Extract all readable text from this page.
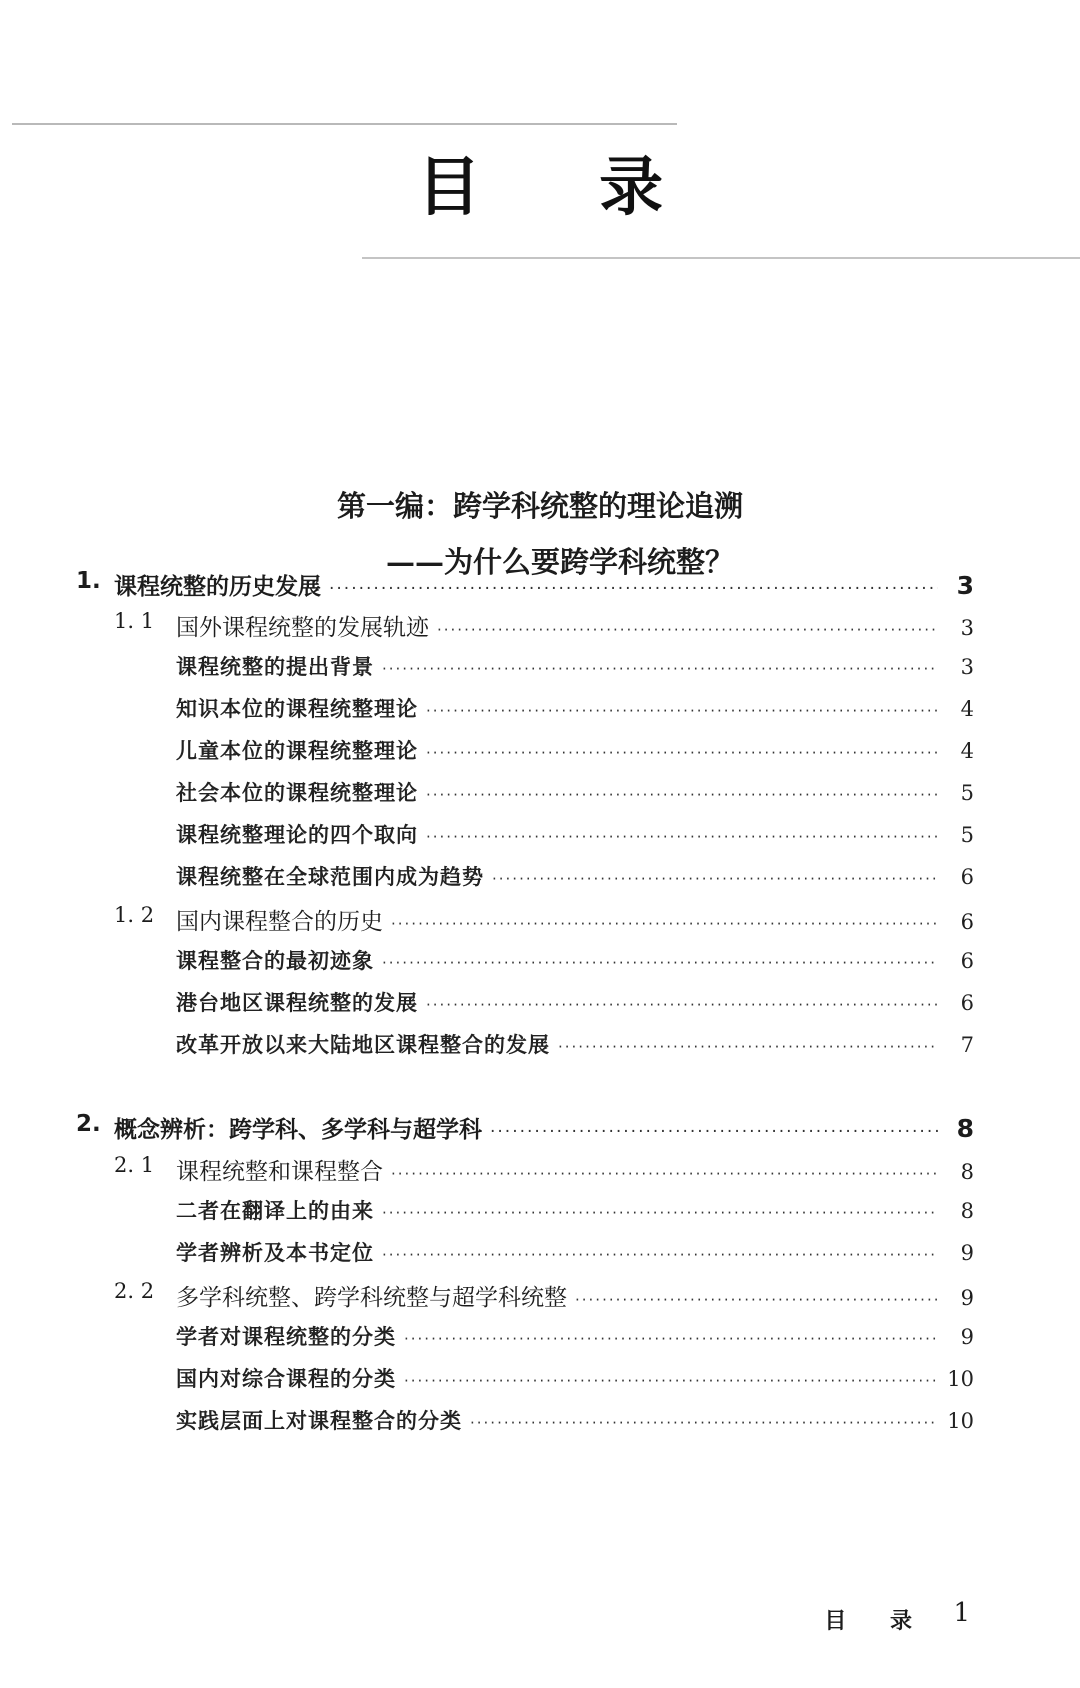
目 录
第一编：跨学科统整的理论追溯
——为什么要跨学科统整？
1. 课程统整的历史发展 ·····	3
1. 1 国外课程统整的发展轨迹 ·····	3
课程统整的提出背景 ·····	3
知识本位的课程统整理论 ·····	4
儿童本位的课程统整理论 ·····	4
社会本位的课程统整理论 ·····	5
课程统整理论的四个取向 ·····	5
课程统整在全球范围内成为趋势 ·····	6
1. 2 国内课程整合的历史 ·····	6
课程整合的最初迹象 ·····	6
港台地区课程统整的发展 ·····	6
改革开放以来大陆地区课程整合的发展 ·····	7
2. 概念辨析：跨学科、多学科与超学科 ·····	8
2. 1 课程统整和课程整合 ·····	8
二者在翻译上的由来 ·····	8
学者辨析及本书定位 ·····	9
2. 2 多学科统整、跨学科统整与超学科统整 ·····	9
学者对课程统整的分类 ·····	9
国内对综合课程的分类 ·····	10
实践层面上对课程整合的分类 ·····	10
目 录 1
